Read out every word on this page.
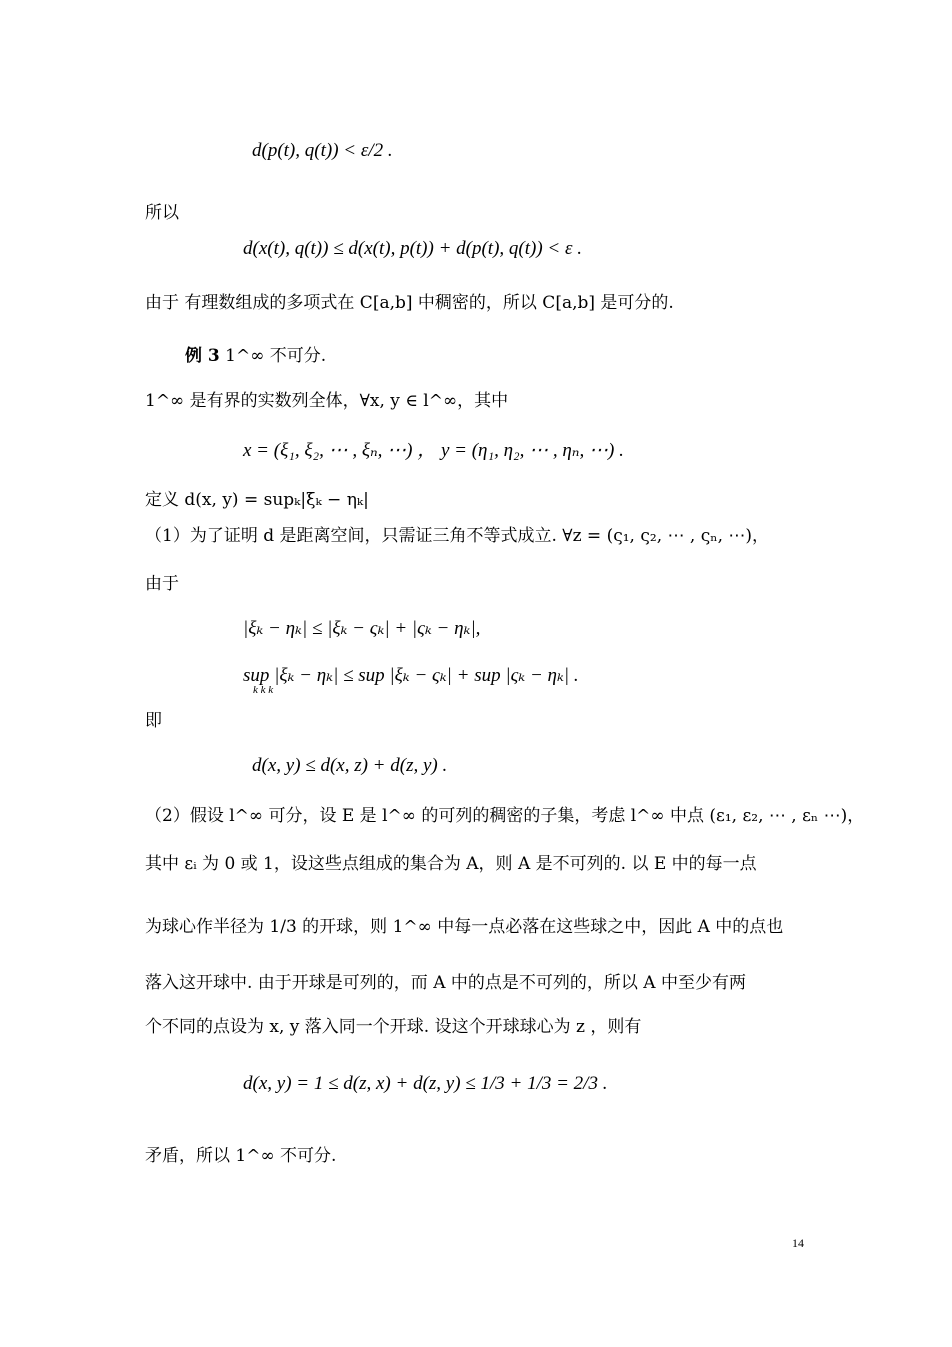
d(p(t), q(t)) < ε/2 .
所以
d(x(t), q(t)) ≤ d(x(t), p(t)) + d(p(t), q(t)) < ε .
由于 有理数组成的多项式在 C[a,b] 中稠密的，所以 C[a,b] 是可分的.
例 3 1^∞ 不可分.
1^∞ 是有界的实数列全体，∀x, y ∈ l^∞，其中
x = (ξ₁, ξ₂, ⋯ , ξₙ, ⋯) ， y = (η₁, η₂, ⋯ , ηₙ, ⋯) .
定义 d(x, y) = supₖ|ξₖ − ηₖ|
（1）为了证明 d 是距离空间，只需证三角不等式成立. ∀z = (ς₁, ς₂, ⋯ , ςₙ, ⋯)，
由于
|ξₖ − ηₖ| ≤ |ξₖ − ςₖ| + |ςₖ − ηₖ|,
sup |ξₖ − ηₖ| ≤ sup |ξₖ − ςₖ| + sup |ςₖ − ηₖ| .
k k k
即
d(x, y) ≤ d(x, z) + d(z, y) .
（2）假设 l^∞ 可分，设 E 是 l^∞ 的可列的稠密的子集，考虑 l^∞ 中点 (ε₁, ε₂, ⋯ , εₙ ⋯)，
其中 εᵢ 为 0 或 1，设这些点组成的集合为 A，则 A 是不可列的. 以 E 中的每一点
为球心作半径为 1/3 的开球，则 1^∞ 中每一点必落在这些球之中，因此 A 中的点也
落入这开球中. 由于开球是可列的，而 A 中的点是不可列的，所以 A 中至少有两
个不同的点设为 x, y 落入同一个开球. 设这个开球球心为 z ，则有
d(x, y) = 1 ≤ d(z, x) + d(z, y) ≤ 1/3 + 1/3 = 2/3 .
矛盾，所以 1^∞ 不可分.
14
